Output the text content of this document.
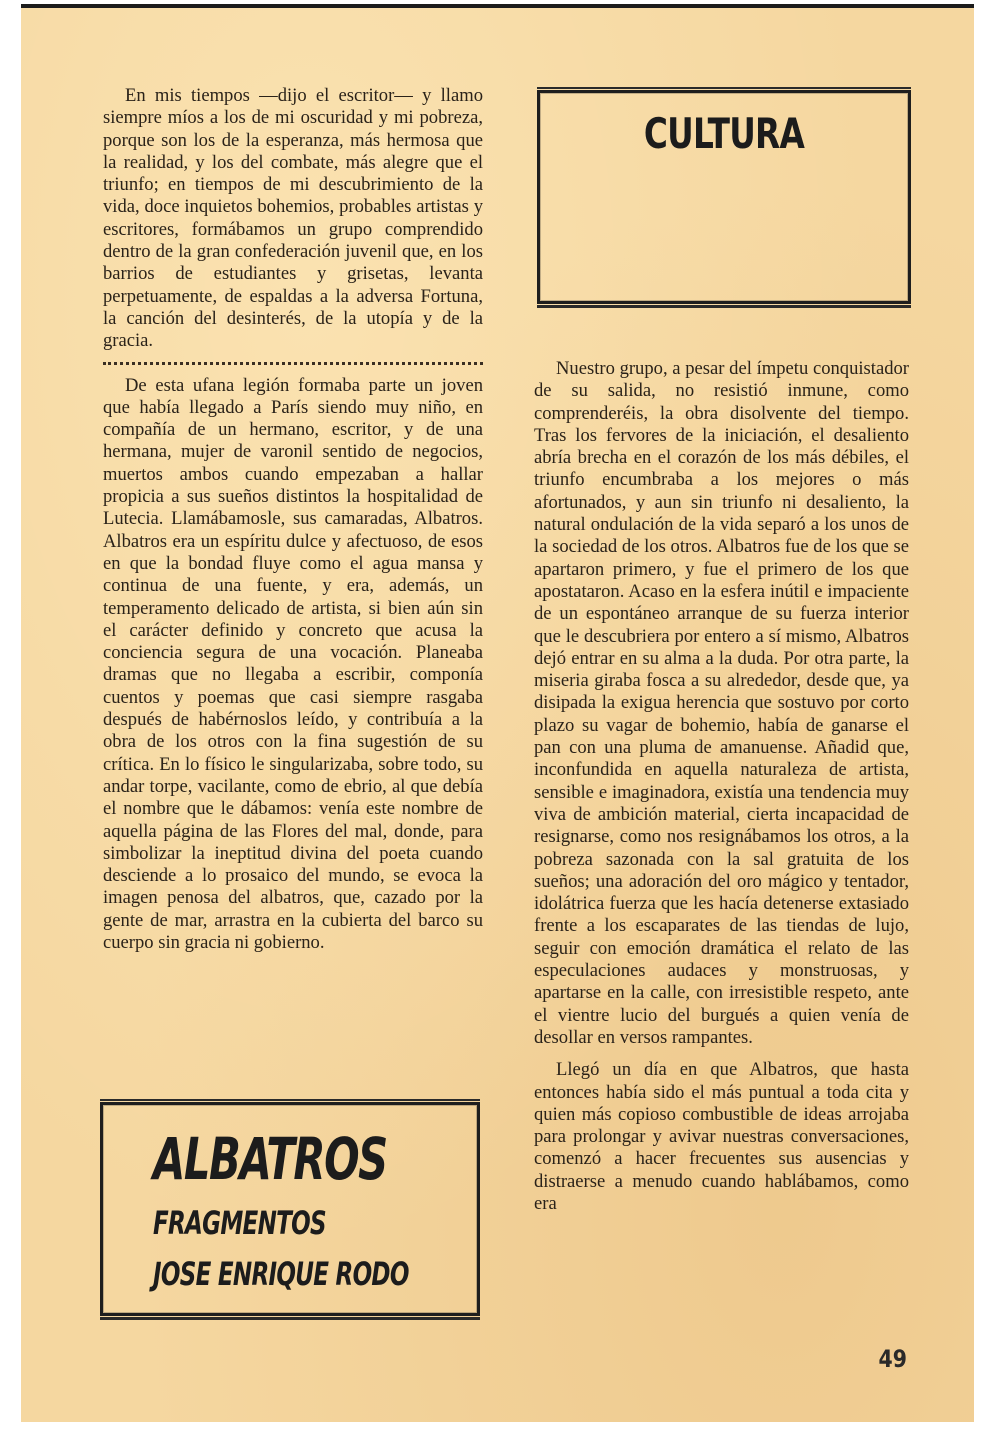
En mis tiempos —dijo el escritor— y llamo siempre míos a los de mi oscuridad y mi pobreza, porque son los de la esperanza, más hermosa que la realidad, y los del combate, más alegre que el triunfo; en tiempos de mi descubrimiento de la vida, doce inquietos bohemios, probables artistas y escritores, formábamos un grupo comprendido dentro de la gran confederación juvenil que, en los barrios de estudiantes y grisetas, levanta perpetuamente, de espaldas a la adversa Fortuna, la canción del desinterés, de la utopía y de la gracia.

De esta ufana legión formaba parte un joven que había llegado a París siendo muy niño, en compañía de un hermano, escritor, y de una hermana, mujer de varonil sentido de negocios, muertos ambos cuando empezaban a hallar propicia a sus sueños distintos la hospitalidad de Lutecia. Llamábamosle, sus camaradas, Albatros. Albatros era un espíritu dulce y afectuoso, de esos en que la bondad fluye como el agua mansa y continua de una fuente, y era, además, un temperamento delicado de artista, si bien aún sin el carácter definido y concreto que acusa la conciencia segura de una vocación. Planeaba dramas que no llegaba a escribir, componía cuentos y poemas que casi siempre rasgaba después de habérnoslos leído, y contribuía a la obra de los otros con la fina sugestión de su crítica. En lo físico le singularizaba, sobre todo, su andar torpe, vacilante, como de ebrio, al que debía el nombre que le dábamos: venía este nombre de aquella página de las Flores del mal, donde, para simbolizar la ineptitud divina del poeta cuando desciende a lo prosaico del mundo, se evoca la imagen penosa del albatros, que, cazado por la gente de mar, arrastra en la cubierta del barco su cuerpo sin gracia ni gobierno.

CULTURA

Nuestro grupo, a pesar del ímpetu conquistador de su salida, no resistió inmune, como comprenderéis, la obra disolvente del tiempo. Tras los fervores de la iniciación, el desaliento abría brecha en el corazón de los más débiles, el triunfo encumbraba a los mejores o más afortunados, y aun sin triunfo ni desaliento, la natural ondulación de la vida separó a los unos de la sociedad de los otros. Albatros fue de los que se apartaron primero, y fue el primero de los que apostataron. Acaso en la esfera inútil e impaciente de un espontáneo arranque de su fuerza interior que le descubriera por entero a sí mismo, Albatros dejó entrar en su alma a la duda. Por otra parte, la miseria giraba fosca a su alrededor, desde que, ya disipada la exigua herencia que sostuvo por corto plazo su vagar de bohemio, había de ganarse el pan con una pluma de amanuense. Añadid que, inconfundida en aquella naturaleza de artista, sensible e imaginadora, existía una tendencia muy viva de ambición material, cierta incapacidad de resignarse, como nos resignábamos los otros, a la pobreza sazonada con la sal gratuita de los sueños; una adoración del oro mágico y tentador, idolátrica fuerza que les hacía detenerse extasiado frente a los escaparates de las tiendas de lujo, seguir con emoción dramática el relato de las especulaciones audaces y monstruosas, y apartarse en la calle, con irresistible respeto, ante el vientre lucio del burgués a quien venía de desollar en versos rampantes.

Llegó un día en que Albatros, que hasta entonces había sido el más puntual a toda cita y quien más copioso combustible de ideas arrojaba para prolongar y avivar nuestras conversaciones, comenzó a hacer frecuentes sus ausencias y distraerse a menudo cuando hablábamos, como era

ALBATROS
FRAGMENTOS
JOSE ENRIQUE RODO
49
